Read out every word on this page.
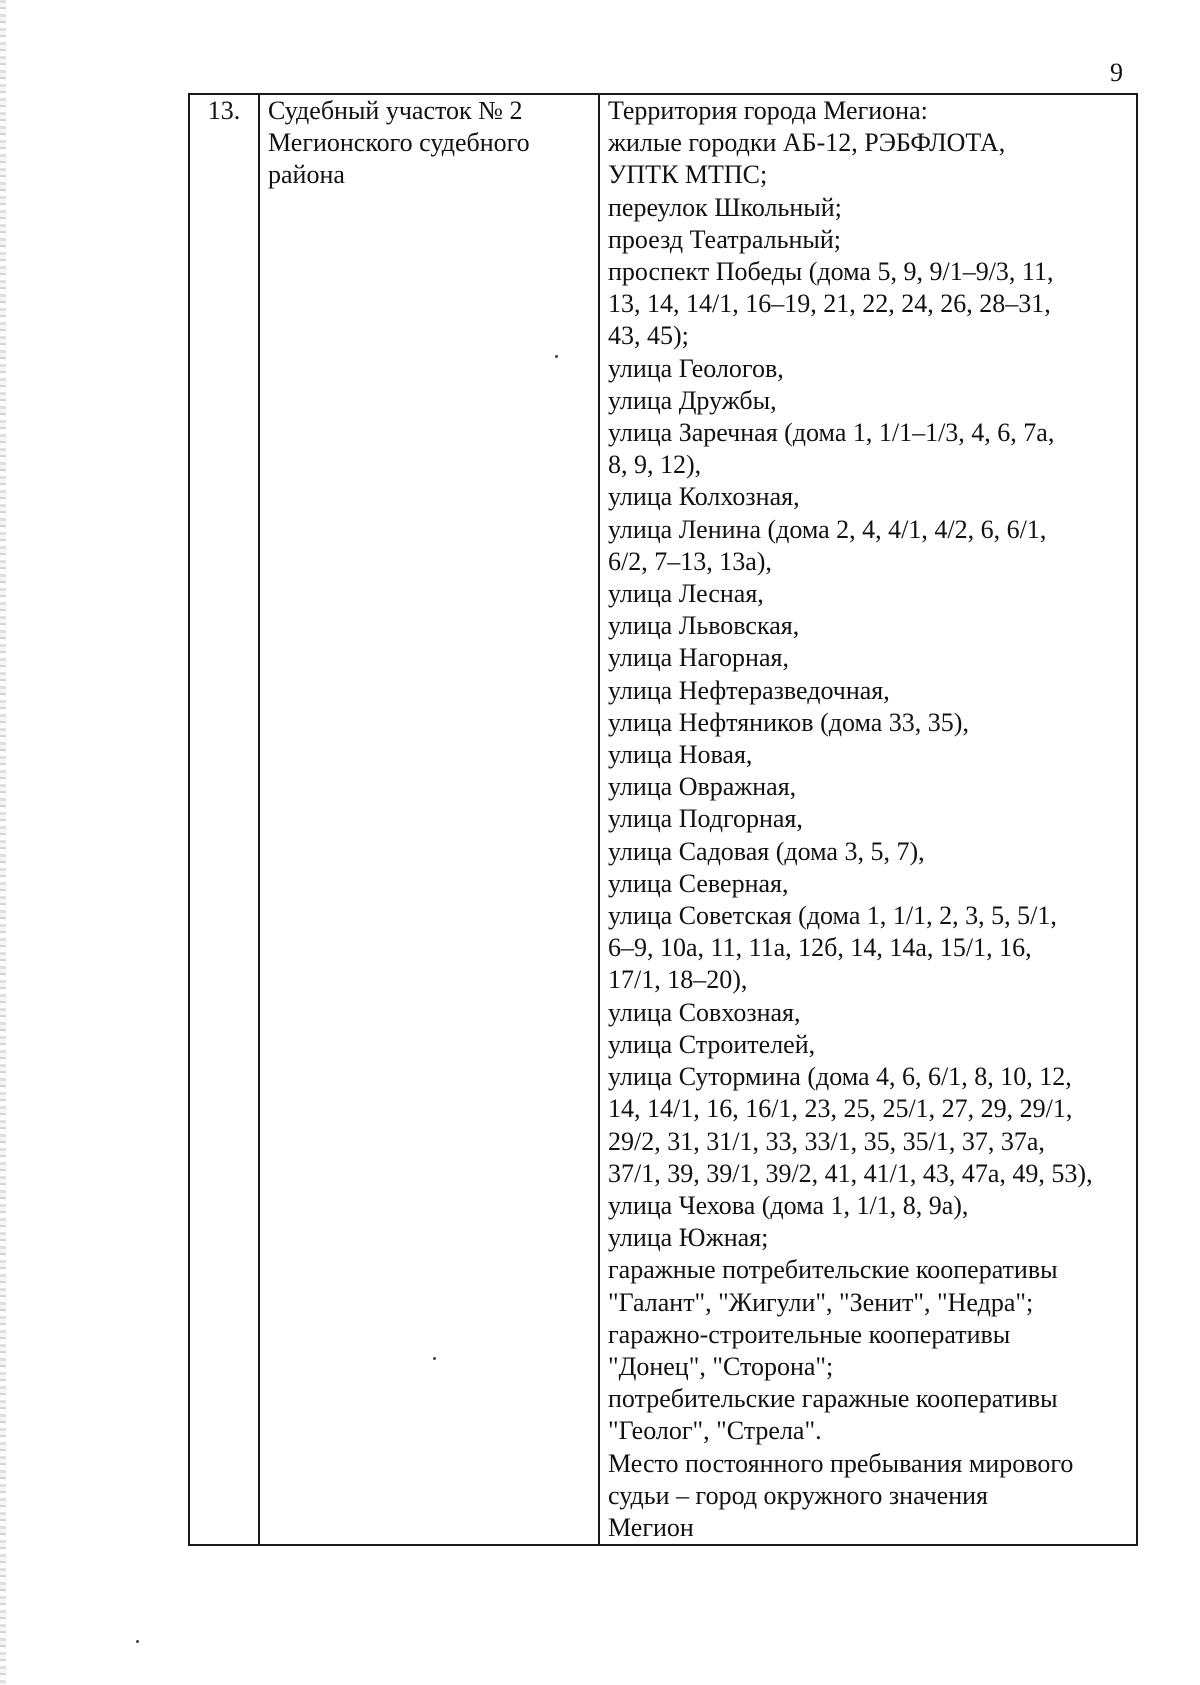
9
13.	Судебный участок № 2
Мегионского судебного
района

Территория города Мегиона:
жилые городки АБ-12, РЭБФЛОТА,
УПТК МТПС;
переулок Школьный;
проезд Театральный;
проспект Победы (дома 5, 9, 9/1–9/3, 11,
13, 14, 14/1, 16–19, 21, 22, 24, 26, 28–31,
43, 45);
улица Геологов,
улица Дружбы,
улица Заречная (дома 1, 1/1–1/3, 4, 6, 7а,
8, 9, 12),
улица Колхозная,
улица Ленина (дома 2, 4, 4/1, 4/2, 6, 6/1,
6/2, 7–13, 13а),
улица Лесная,
улица Львовская,
улица Нагорная,
улица Нефтеразведочная,
улица Нефтяников (дома 33, 35),
улица Новая,
улица Овражная,
улица Подгорная,
улица Садовая (дома 3, 5, 7),
улица Северная,
улица Советская (дома 1, 1/1, 2, 3, 5, 5/1,
6–9, 10а, 11, 11а, 12б, 14, 14а, 15/1, 16,
17/1, 18–20),
улица Совхозная,
улица Строителей,
улица Сутормина (дома 4, 6, 6/1, 8, 10, 12,
14, 14/1, 16, 16/1, 23, 25, 25/1, 27, 29, 29/1,
29/2, 31, 31/1, 33, 33/1, 35, 35/1, 37, 37а,
37/1, 39, 39/1, 39/2, 41, 41/1, 43, 47а, 49, 53),
улица Чехова (дома 1, 1/1, 8, 9а),
улица Южная;
гаражные потребительские кооперативы
"Галант", "Жигули", "Зенит", "Недра";
гаражно-строительные кооперативы
"Донец", "Сторона";
потребительские гаражные кооперативы
"Геолог", "Стрела".
Место постоянного пребывания мирового
судьи – город окружного значения
Мегион
